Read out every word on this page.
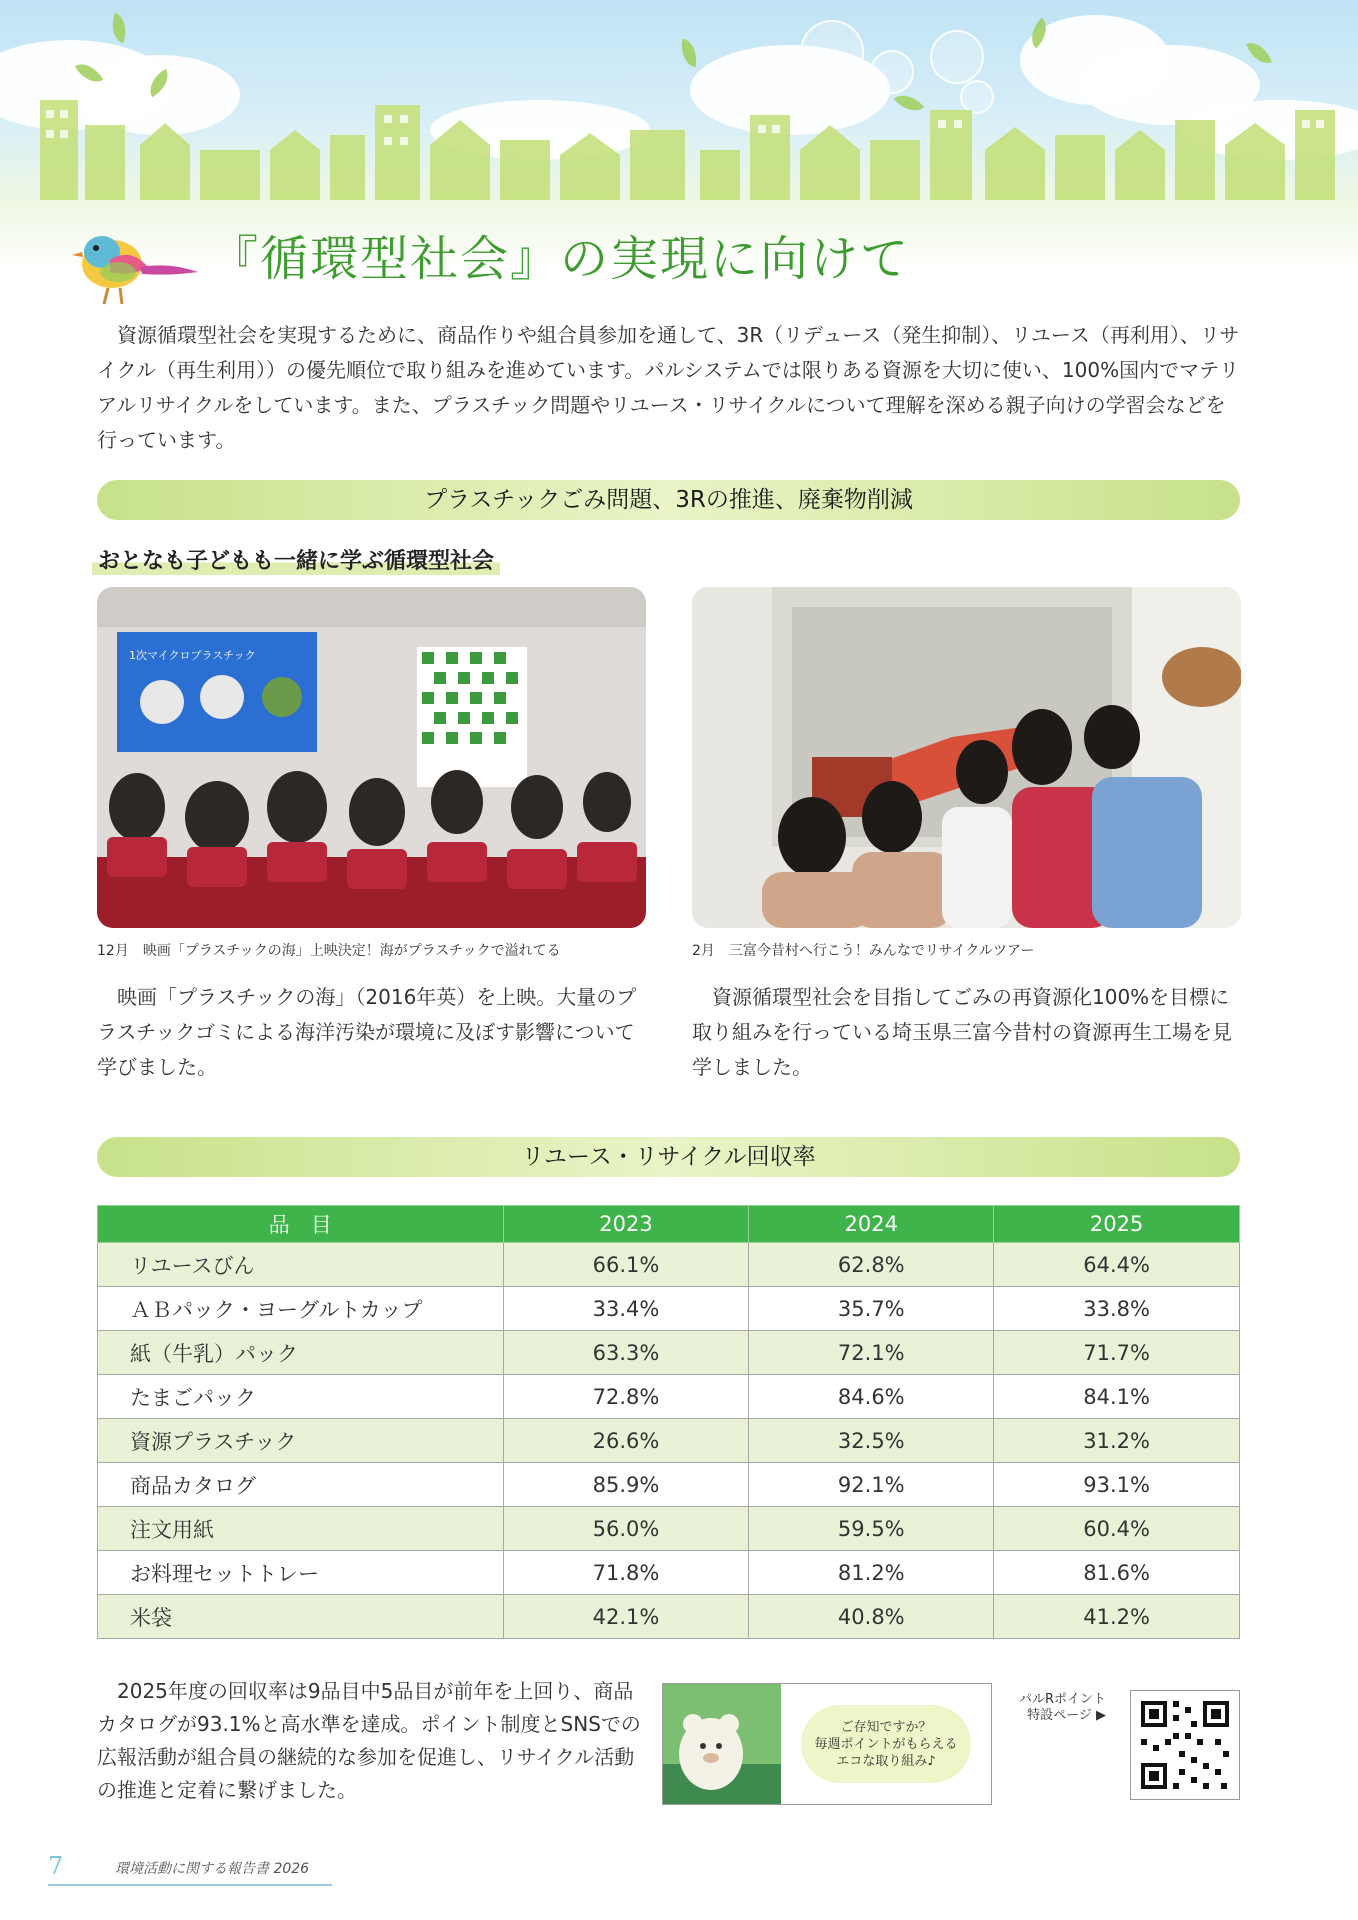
『循環型社会』の実現に向けて
資源循環型社会を実現するために、商品作りや組合員参加を通して、3R（リデュース（発生抑制）、リユース（再利用）、リサイクル（再生利用））の優先順位で取り組みを進めています。パルシステムでは限りある資源を大切に使い、100%国内でマテリアルリサイクルをしています。また、プラスチック問題やリユース・リサイクルについて理解を深める親子向けの学習会などを行っています。
プラスチックごみ問題、3Rの推進、廃棄物削減
おとなも子どもも一緒に学ぶ循環型社会
1次マイクロプラスチック
12月　映画「プラスチックの海」上映決定！海がプラスチックで溢れてる
映画「プラスチックの海」（2016年英）を上映。大量のプラスチックゴミによる海洋汚染が環境に及ぼす影響について学びました。
2月　三富今昔村へ行こう！みんなでリサイクルツアー
資源循環型社会を目指してごみの再資源化100%を目標に取り組みを行っている埼玉県三富今昔村の資源再生工場を見学しました。
リユース・リサイクル回収率
品　目	2023	2024	2025
リユースびん	66.1%	62.8%	64.4%
ＡＢパック・ヨーグルトカップ	33.4%	35.7%	33.8%
紙（牛乳）パック	63.3%	72.1%	71.7%
たまごパック	72.8%	84.6%	84.1%
資源プラスチック	26.6%	32.5%	31.2%
商品カタログ	85.9%	92.1%	93.1%
注文用紙	56.0%	59.5%	60.4%
お料理セットトレー	71.8%	81.2%	81.6%
米袋	42.1%	40.8%	41.2%
2025年度の回収率は9品目中5品目が前年を上回り、商品カタログが93.1%と高水準を達成。ポイント制度とSNSでの広報活動が組合員の継続的な参加を促進し、リサイクル活動の推進と定着に繋げました。
ご存知ですか？
毎週ポイントがもらえる
エコな取り組み♪
パルRポイント
特設ページ ▶
7	環境活動に関する報告書 2026
